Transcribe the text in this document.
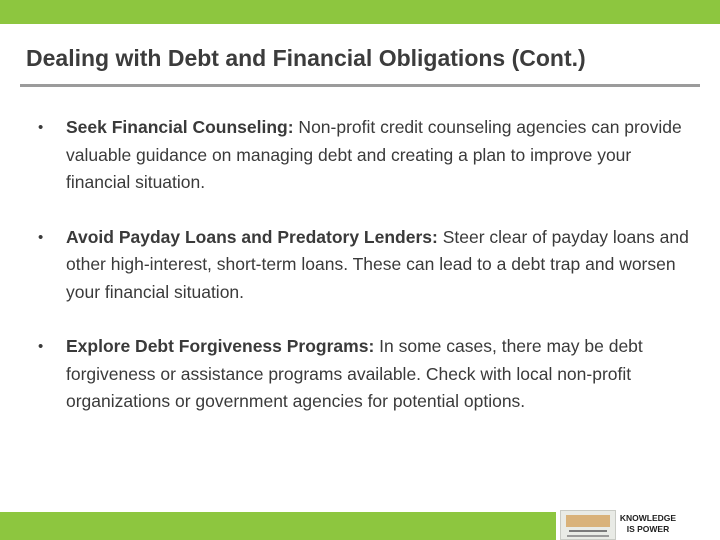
Dealing with Debt and Financial Obligations (Cont.)
• Seek Financial Counseling: Non-profit credit counseling agencies can provide valuable guidance on managing debt and creating a plan to improve your financial situation.
• Avoid Payday Loans and Predatory Lenders: Steer clear of payday loans and other high-interest, short-term loans. These can lead to a debt trap and worsen your financial situation.
• Explore Debt Forgiveness Programs: In some cases, there may be debt forgiveness or assistance programs available. Check with local non-profit organizations or government agencies for potential options.
KNOWLEDGE
IS POWER
